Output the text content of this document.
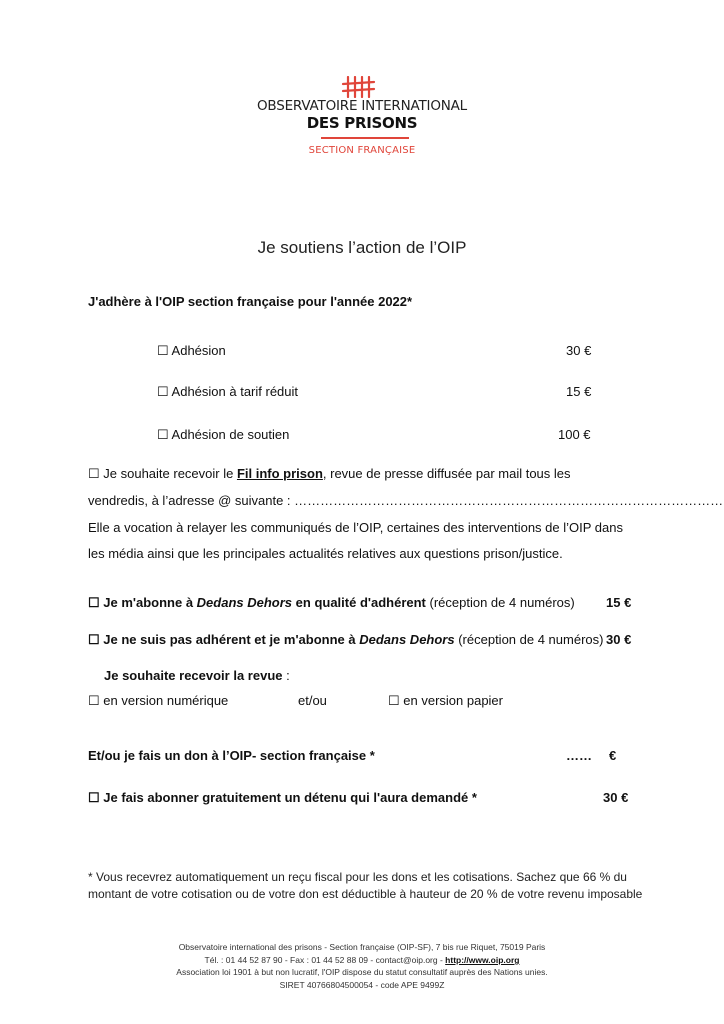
OBSERVATOIRE INTERNATIONAL
DES PRISONS
SECTION FRANÇAISE
Je soutiens l’action de l’OIP
J'adhère à l'OIP section française pour l'année 2022*
☐ Adhésion	30 €
☐ Adhésion à tarif réduit	15 €
☐ Adhésion de soutien	100 €
☐ Je souhaite recevoir le Fil info prison, revue de presse diffusée par mail tous les
vendredis, à l’adresse @ suivante : ………………………………………………………………………………………
Elle a vocation à relayer les communiqués de l’OIP, certaines des interventions de l’OIP dans
les média ainsi que les principales actualités relatives aux questions prison/justice.
☐ Je m'abonne à Dedans Dehors en qualité d'adhérent (réception de 4 numéros) 15 €
☐ Je ne suis pas adhérent et je m'abonne à Dedans Dehors (réception de 4 numéros) 30 €
Je souhaite recevoir la revue :
☐ en version numérique	et/ou	☐ en version papier
Et/ou je fais un don à l’OIP- section française *	…… €
☐ Je fais abonner gratuitement un détenu qui l'aura demandé *	30 €
* Vous recevrez automatiquement un reçu fiscal pour les dons et les cotisations. Sachez que 66 % du montant de votre cotisation ou de votre don est déductible à hauteur de 20 % de votre revenu imposable
Observatoire international des prisons - Section française (OIP-SF), 7 bis rue Riquet, 75019 Paris
Tél. : 01 44 52 87 90 - Fax : 01 44 52 88 09 - contact@oip.org - http://www.oip.org
Association loi 1901 à but non lucratif, l'OIP dispose du statut consultatif auprès des Nations unies.
SIRET 40766804500054 - code APE 9499Z
